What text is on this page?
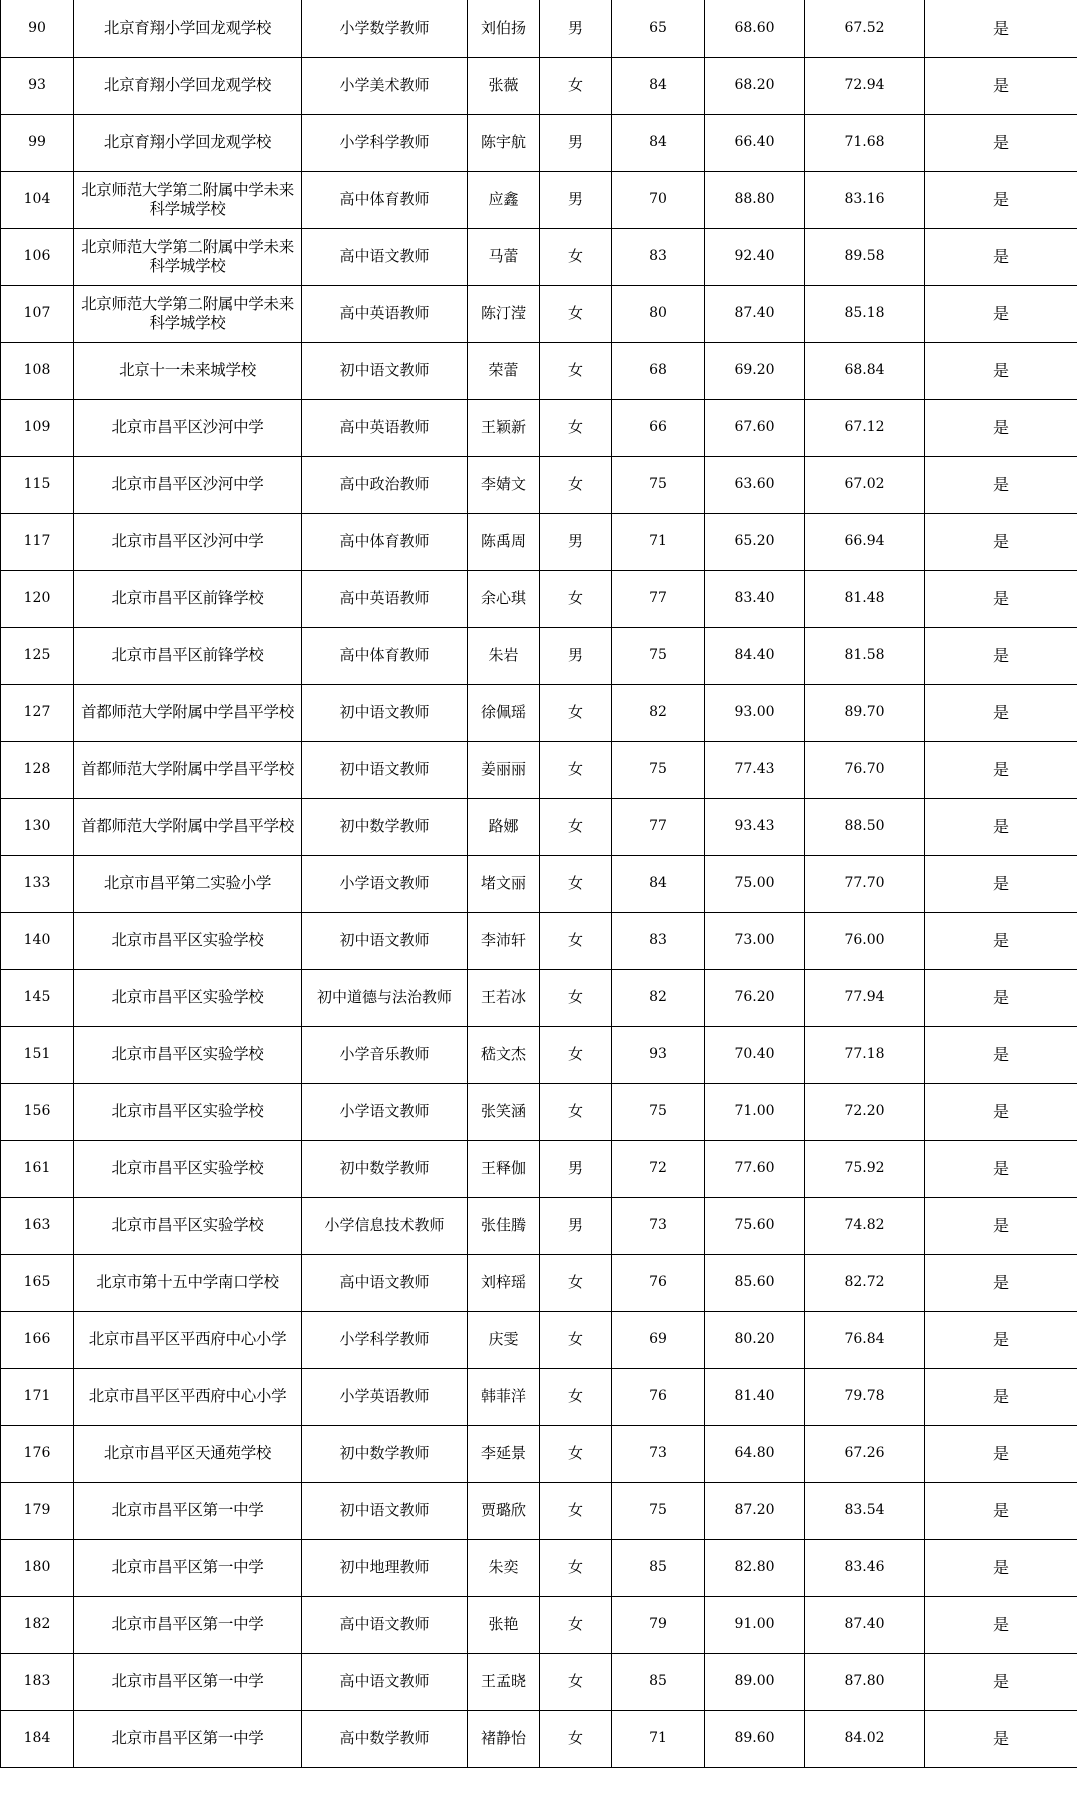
90	北京育翔小学回龙观学校	小学数学教师	刘伯扬	男	65	68.60	67.52	是
93	北京育翔小学回龙观学校	小学美术教师	张薇	女	84	68.20	72.94	是
99	北京育翔小学回龙观学校	小学科学教师	陈宇航	男	84	66.40	71.68	是
104	北京师范大学第二附属中学未来科学城学校	高中体育教师	应鑫	男	70	88.80	83.16	是
106	北京师范大学第二附属中学未来科学城学校	高中语文教师	马蕾	女	83	92.40	89.58	是
107	北京师范大学第二附属中学未来科学城学校	高中英语教师	陈汀滢	女	80	87.40	85.18	是
108	北京十一未来城学校	初中语文教师	荣蕾	女	68	69.20	68.84	是
109	北京市昌平区沙河中学	高中英语教师	王颖新	女	66	67.60	67.12	是
115	北京市昌平区沙河中学	高中政治教师	李婧文	女	75	63.60	67.02	是
117	北京市昌平区沙河中学	高中体育教师	陈禹周	男	71	65.20	66.94	是
120	北京市昌平区前锋学校	高中英语教师	余心琪	女	77	83.40	81.48	是
125	北京市昌平区前锋学校	高中体育教师	朱岩	男	75	84.40	81.58	是
127	首都师范大学附属中学昌平学校	初中语文教师	徐佩瑶	女	82	93.00	89.70	是
128	首都师范大学附属中学昌平学校	初中语文教师	姜丽丽	女	75	77.43	76.70	是
130	首都师范大学附属中学昌平学校	初中数学教师	路娜	女	77	93.43	88.50	是
133	北京市昌平第二实验小学	小学语文教师	堵文丽	女	84	75.00	77.70	是
140	北京市昌平区实验学校	初中语文教师	李沛轩	女	83	73.00	76.00	是
145	北京市昌平区实验学校	初中道德与法治教师	王若冰	女	82	76.20	77.94	是
151	北京市昌平区实验学校	小学音乐教师	嵇文杰	女	93	70.40	77.18	是
156	北京市昌平区实验学校	小学语文教师	张笑涵	女	75	71.00	72.20	是
161	北京市昌平区实验学校	初中数学教师	王释伽	男	72	77.60	75.92	是
163	北京市昌平区实验学校	小学信息技术教师	张佳腾	男	73	75.60	74.82	是
165	北京市第十五中学南口学校	高中语文教师	刘梓瑶	女	76	85.60	82.72	是
166	北京市昌平区平西府中心小学	小学科学教师	庆雯	女	69	80.20	76.84	是
171	北京市昌平区平西府中心小学	小学英语教师	韩菲洋	女	76	81.40	79.78	是
176	北京市昌平区天通苑学校	初中数学教师	李延景	女	73	64.80	67.26	是
179	北京市昌平区第一中学	初中语文教师	贾璐欣	女	75	87.20	83.54	是
180	北京市昌平区第一中学	初中地理教师	朱奕	女	85	82.80	83.46	是
182	北京市昌平区第一中学	高中语文教师	张艳	女	79	91.00	87.40	是
183	北京市昌平区第一中学	高中语文教师	王孟晓	女	85	89.00	87.80	是
184	北京市昌平区第一中学	高中数学教师	褚静怡	女	71	89.60	84.02	是
